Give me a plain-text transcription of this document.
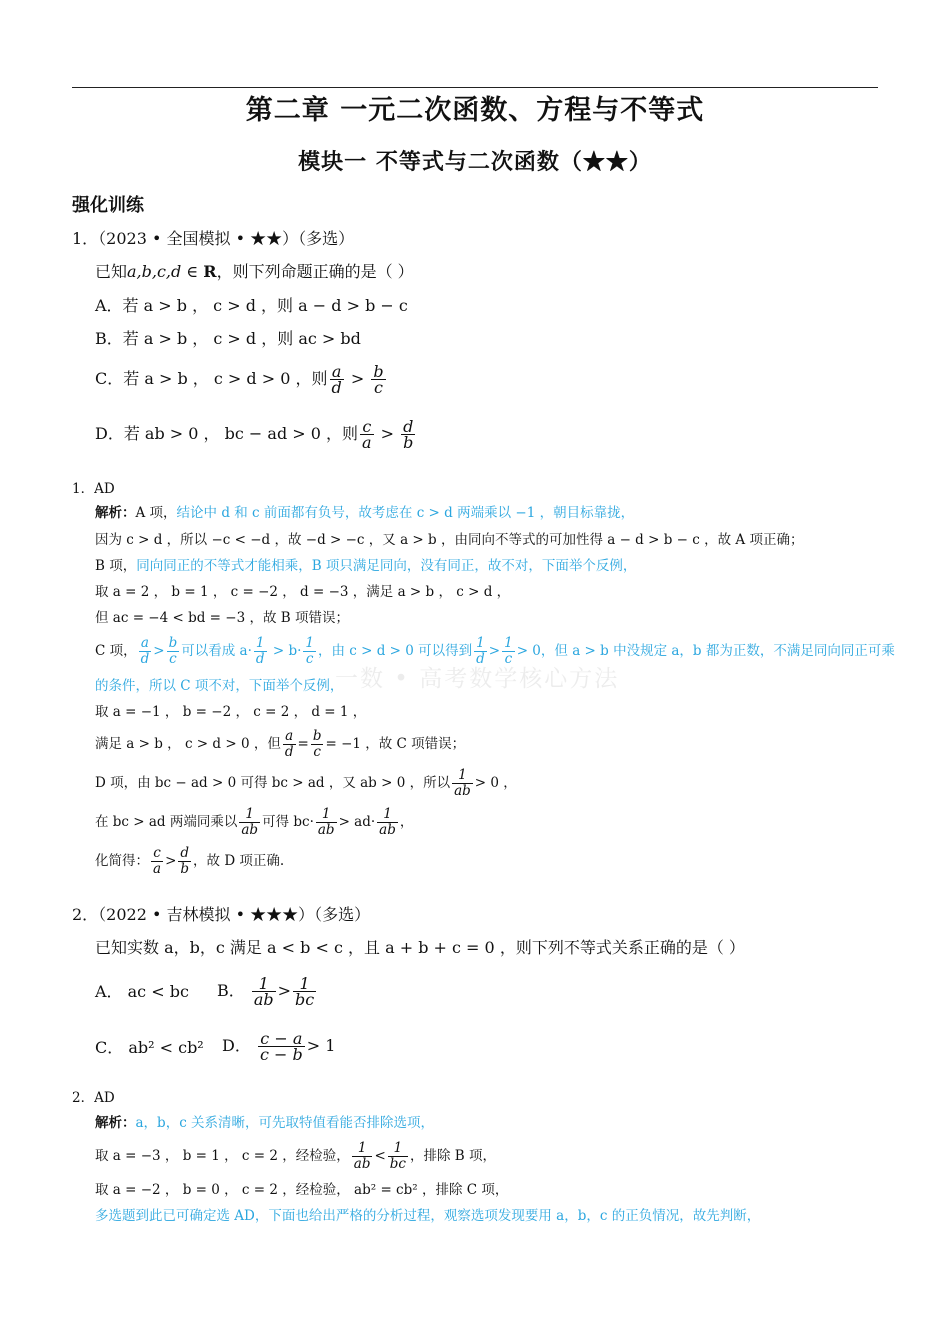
第二章 一元二次函数、方程与不等式
模块一 不等式与二次函数（★★）
强化训练
一数 • 高考数学核心方法
1．（2023 • 全国模拟 • ★★）（多选）
已知a,b,c,d ∈ R，则下列命题正确的是（ ）
A．若 a > b ， c > d ，则 a − d > b − c
B．若 a > b ， c > d ，则 ac > bd
C．若 a > b ， c > d > 0 ，则 $\frac{a}{d} > \frac{b}{c}$
D．若 ab > 0 ， bc − ad > 0 ，则 $\frac{c}{a} > \frac{d}{b}$
1．AD
解析：A 项，结论中 d 和 c 前面都有负号，故考虑在 c > d 两端乘以 −1 ，朝目标靠拢，
因为 c > d ，所以 −c < −d ，故 −d > −c ，又 a > b ，由同向不等式的可加性得 a − d > b − c ，故 A 项正确；
B 项，同向同正的不等式才能相乘，B 项只满足同向，没有同正，故不对，下面举个反例，
取 a = 2 ， b = 1 ， c = −2 ， d = −3 ，满足 a > b ， c > d ，
但 ac = −4 < bd = −3 ，故 B 项错误；
C 项， $\frac{a}{d} > \frac{b}{c}$ 可以看成 $a\cdot \frac{1}{d} > b\cdot \frac{1}{c}$ ，由 c > d > 0 可以得到 $\frac{1}{d} > \frac{1}{c} > 0$，但 a > b 中没规定 a，b 都为正数，不满足同向同正可乘
的条件，所以 C 项不对，下面举个反例，
取 a = −1 ， b = −2 ， c = 2 ， d = 1 ，
满足 a > b ， c > d > 0 ，但 $\frac{a}{d} = \frac{b}{c} = -1$ ，故 C 项错误；
D 项，由 bc − ad > 0 可得 bc > ad ，又 ab > 0 ，所以 $\frac{1}{ab} > 0$ ，
在 bc > ad 两端同乘以 $\frac{1}{ab}$ 可得 $bc\cdot \frac{1}{ab} > ad\cdot \frac{1}{ab}$ ，
化简得： $\frac{c}{a} > \frac{d}{b}$ ，故 D 项正确.
2．（2022 • 吉林模拟 • ★★★）（多选）
已知实数 a，b，c 满足 a < b < c ，且 a + b + c = 0 ，则下列不等式关系正确的是（ ）
A． ac < bc B． $\frac{1}{ab} > \frac{1}{bc}$
C． ab² < cb² D． $\frac{c - a}{c - b} > 1$
2．AD
解析：a，b，c 关系清晰，可先取特值看能否排除选项，
取 a = −3 ， b = 1 ， c = 2 ，经检验， $\frac{1}{ab} < \frac{1}{bc}$ ，排除 B 项，
取 a = −2 ， b = 0 ， c = 2 ，经检验， ab² = cb² ，排除 C 项，
多选题到此已可确定选 AD，下面也给出严格的分析过程，观察选项发现要用 a，b，c 的正负情况，故先判断，
